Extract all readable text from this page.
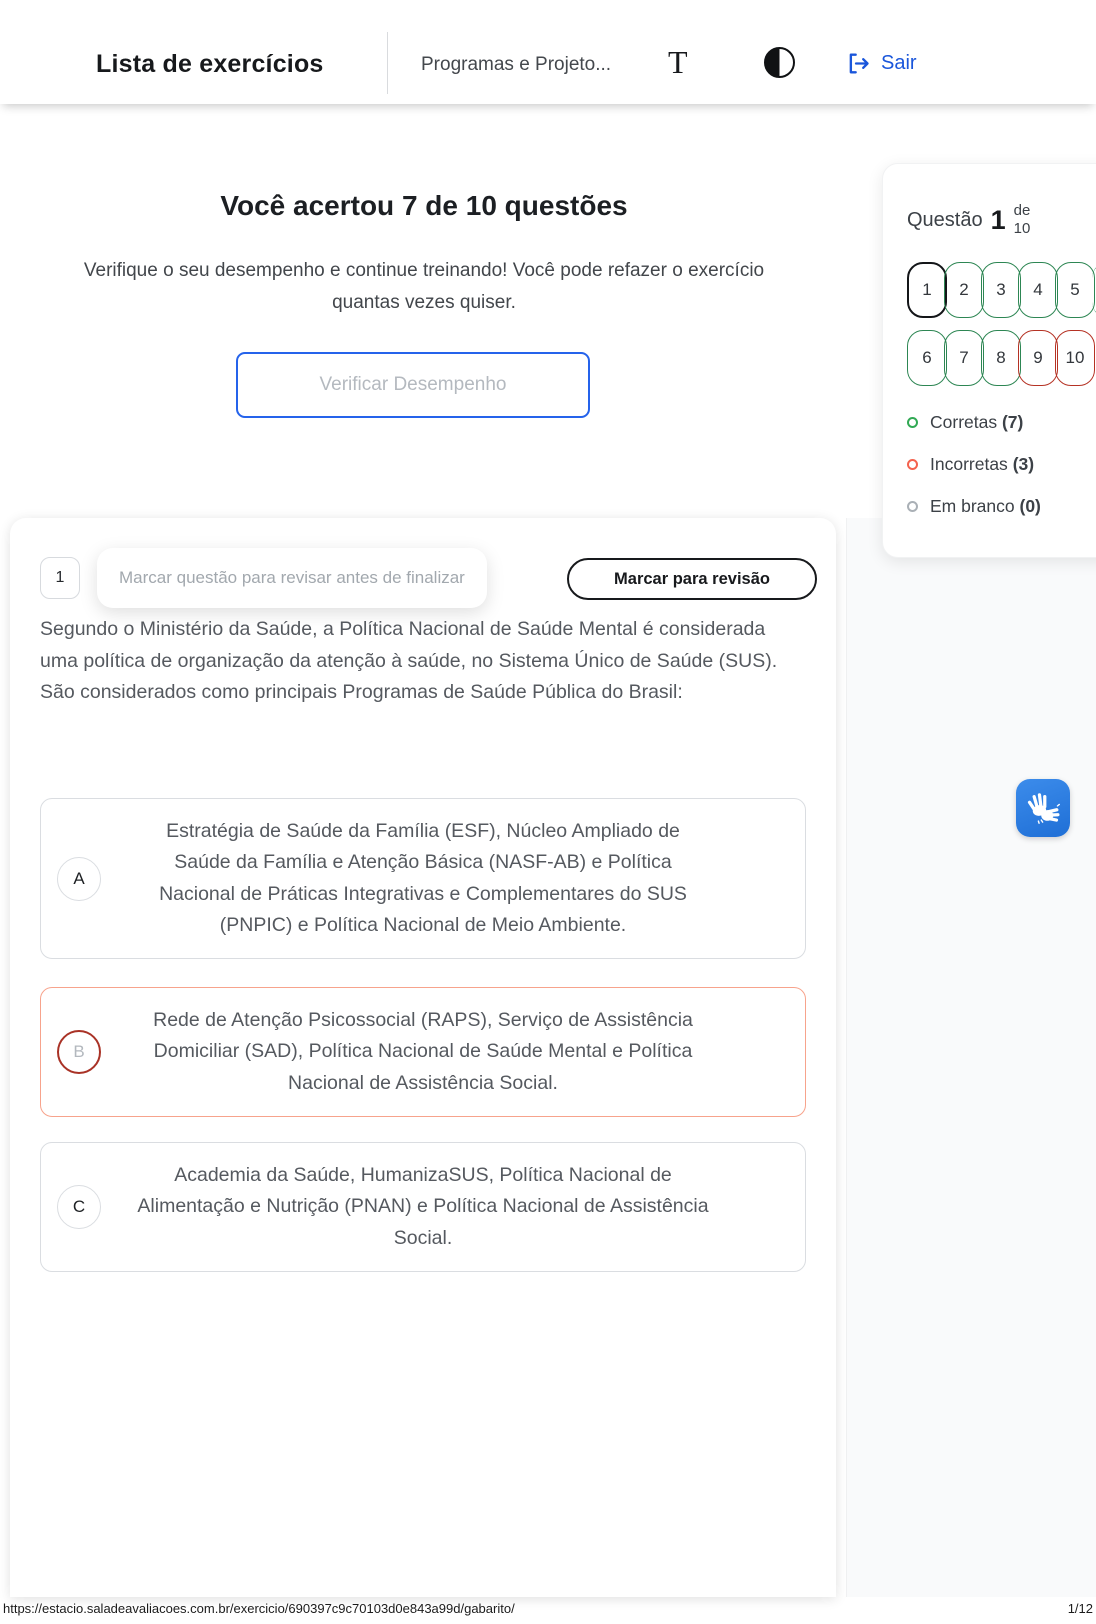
Lista de exercícios	Programas e Projeto... T	Sair
Você acertou 7 de 10 questões
Verifique o seu desempenho e continue treinando! Você pode refazer o exercício quantas vezes quiser.
Verificar Desempenho
Questão 1 de
10
1	2	3	4	5
6	7	8	9	10
Corretas (7)
Incorretas (3)
Em branco (0)
1	Marcar questão para revisar antes de finalizar	Marcar para revisão
Segundo o Ministério da Saúde, a Política Nacional de Saúde Mental é considerada uma política de organização da atenção à saúde, no Sistema Único de Saúde (SUS). São considerados como principais Programas de Saúde Pública do Brasil:
A
Estratégia de Saúde da Família (ESF), Núcleo Ampliado de Saúde da Família e Atenção Básica (NASF-AB) e Política Nacional de Práticas Integrativas e Complementares do SUS (PNPIC) e Política Nacional de Meio Ambiente.
B
Rede de Atenção Psicossocial (RAPS), Serviço de Assistência Domiciliar (SAD), Política Nacional de Saúde Mental e Política Nacional de Assistência Social.
C
Academia da Saúde, HumanizaSUS, Política Nacional de Alimentação e Nutrição (PNAN) e Política Nacional de Assistência Social.
https://estacio.saladeavaliacoes.com.br/exercicio/690397c9c70103d0e843a99d/gabarito/	1/12
